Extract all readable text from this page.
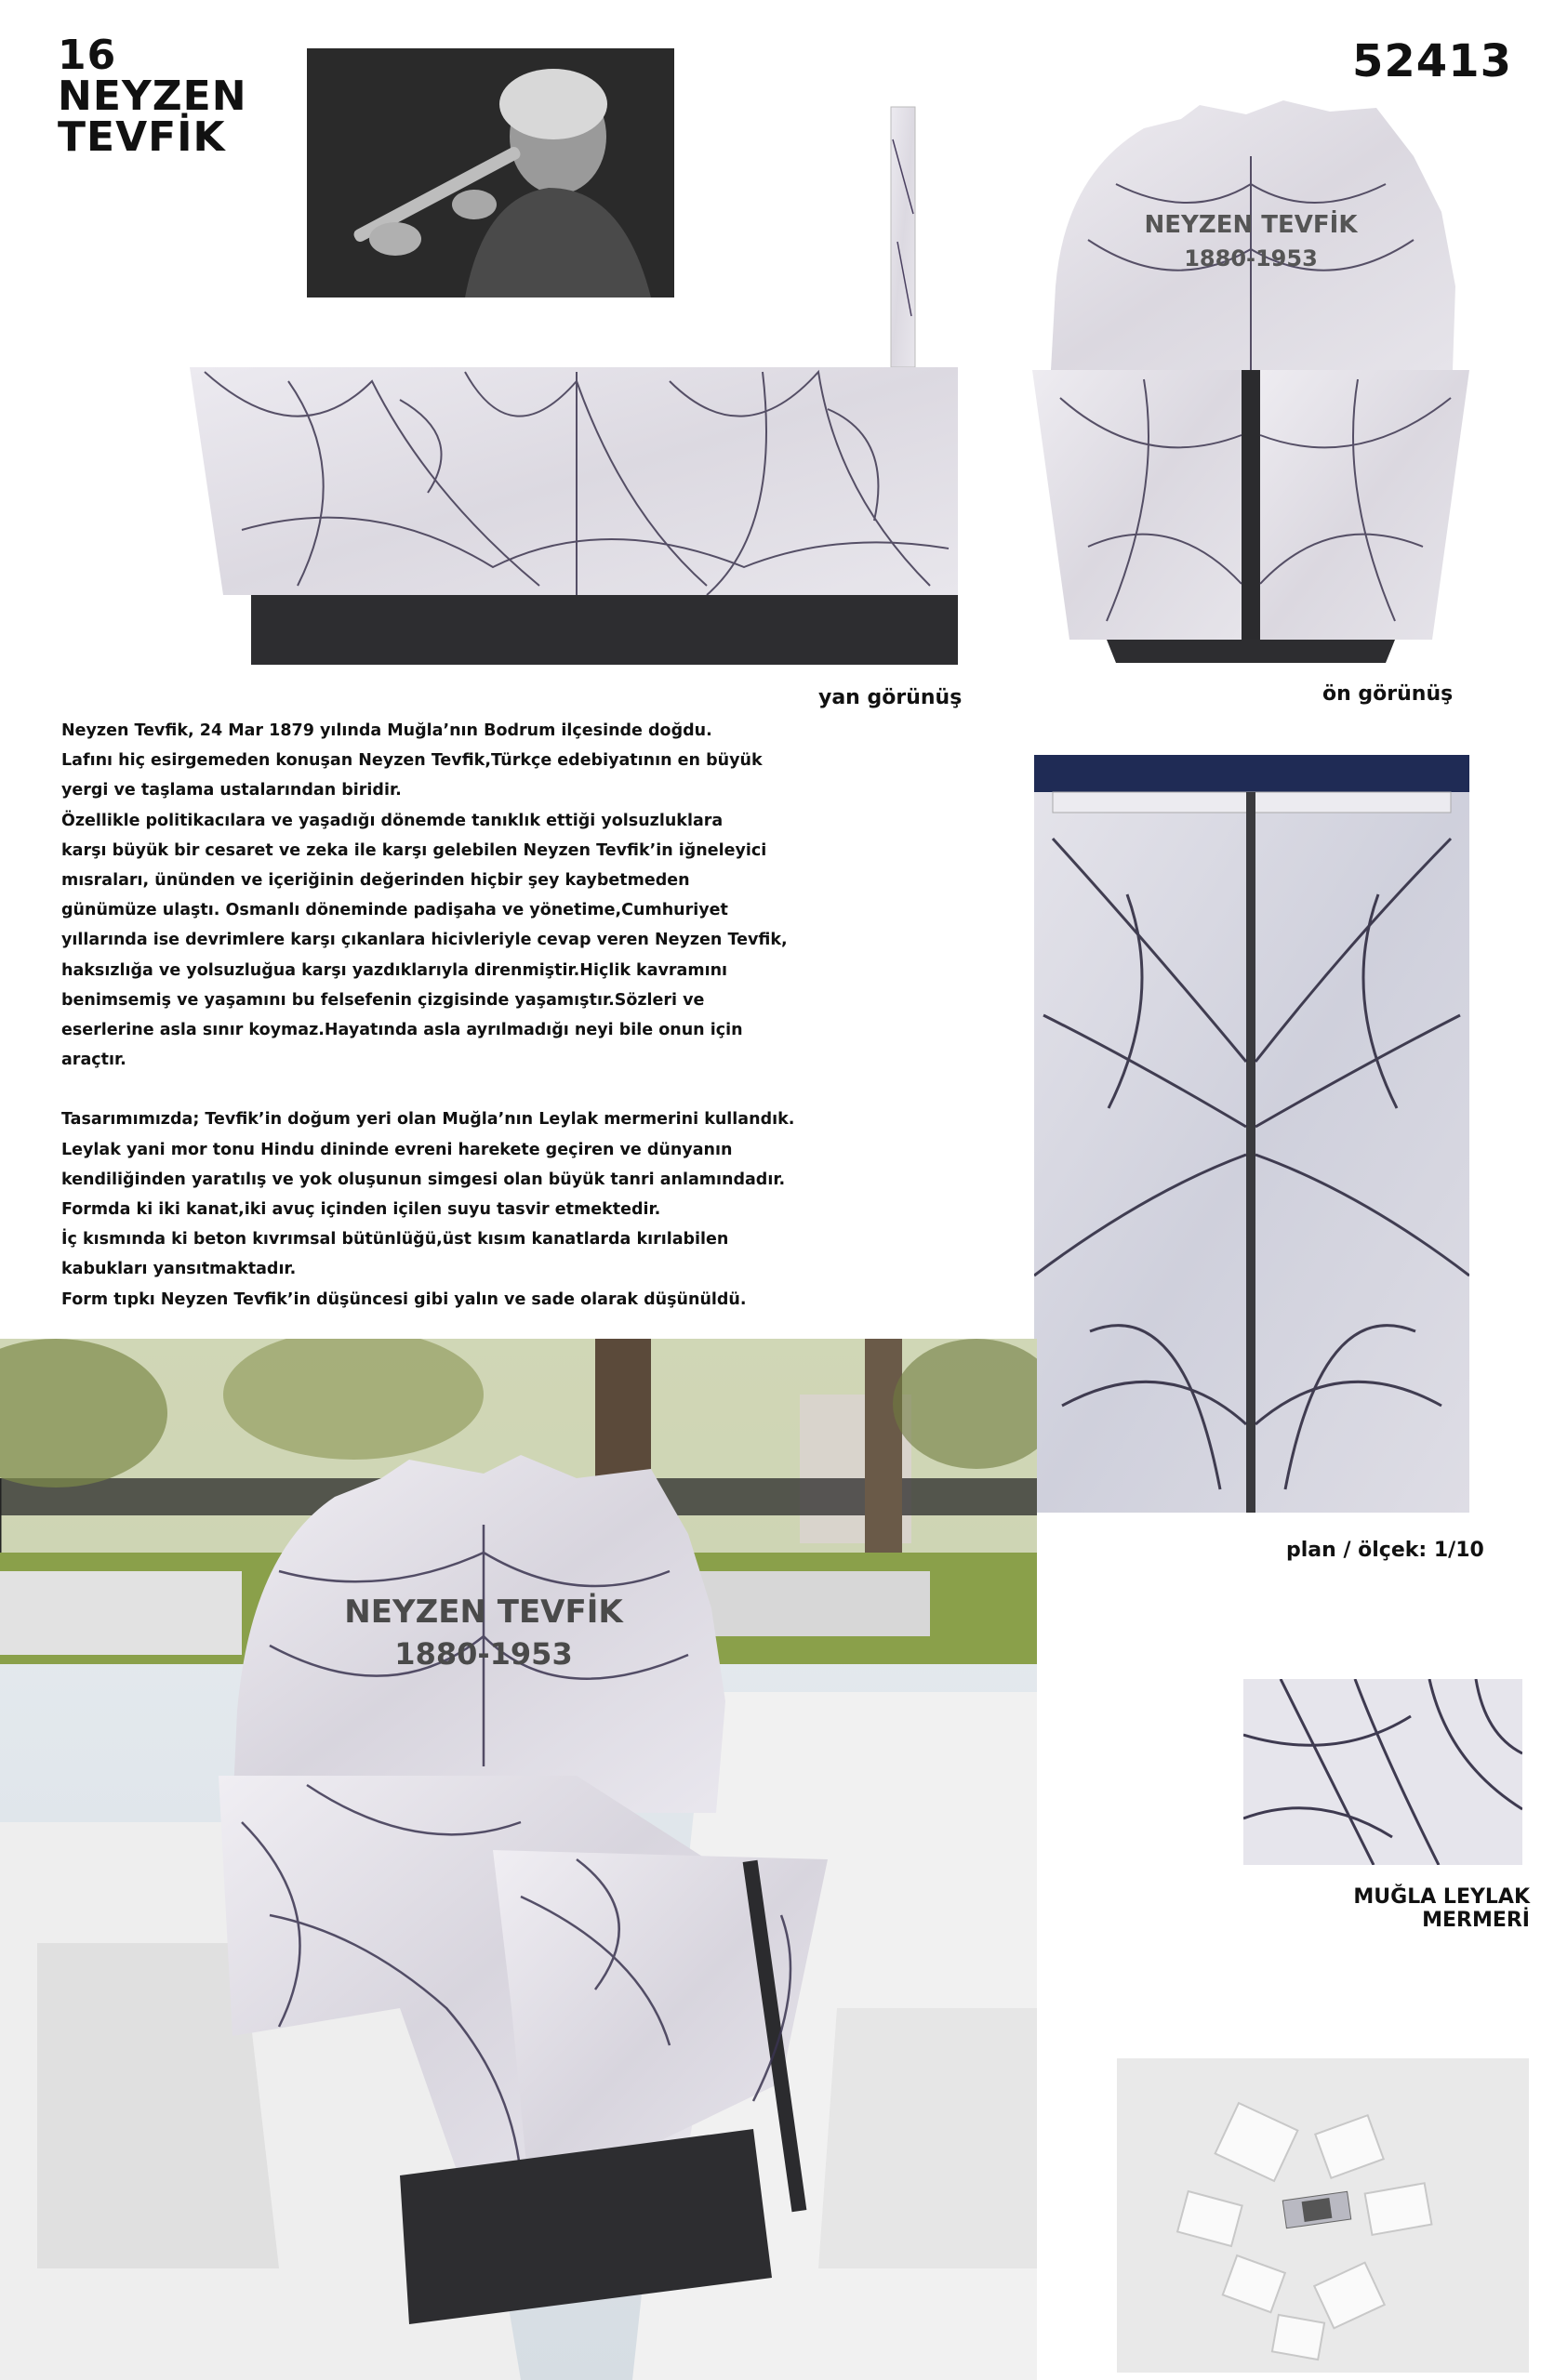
16
NEYZEN
TEVFİK
52413
yan görünüş
NEYZEN TEVFİK
1880-1953
ön görünüş

Neyzen Tevfik, 24 Mar 1879 yılında Muğla’nın Bodrum ilçesinde doğdu.

Lafını hiç esirgemeden konuşan Neyzen Tevfik,Türkçe edebiyatının en büyük

yergi ve taşlama ustalarından biridir.

Özellikle politikacılara ve yaşadığı dönemde tanıklık ettiği yolsuzluklara

karşı büyük bir cesaret ve zeka ile karşı gelebilen Neyzen Tevfik’in iğneleyici

mısraları, ününden ve içeriğinin değerinden hiçbir şey kaybetmeden

günümüze ulaştı. Osmanlı döneminde padişaha ve yönetime,Cumhuriyet

yıllarında ise devrimlere karşı çıkanlara hicivleriyle cevap veren Neyzen Tevfik,

haksızlığa ve yolsuzluğua karşı yazdıklarıyla direnmiştir.Hiçlik kavramını

benimsemiş ve yaşamını bu felsefenin çizgisinde yaşamıştır.Sözleri ve

eserlerine asla sınır koymaz.Hayatında asla ayrılmadığı neyi bile onun için

araçtır.

Tasarımımızda; Tevfik’in doğum yeri olan Muğla’nın Leylak mermerini kullandık.

Leylak yani mor tonu Hindu dininde evreni harekete geçiren ve dünyanın

kendiliğinden yaratılış ve yok oluşunun simgesi olan büyük tanri anlamındadır.

Formda ki iki kanat,iki avuç içinden içilen suyu tasvir etmektedir.

İç kısmında ki beton kıvrımsal bütünlüğü,üst kısım kanatlarda kırılabilen

kabukları yansıtmaktadır.

Form tıpkı Neyzen Tevfik’in düşüncesi gibi yalın ve sade olarak düşünüldü.

plan / ölçek: 1/10
NEYZEN TEVFİK
1880-1953
MUĞLA LEYLAK
MERMERİ
